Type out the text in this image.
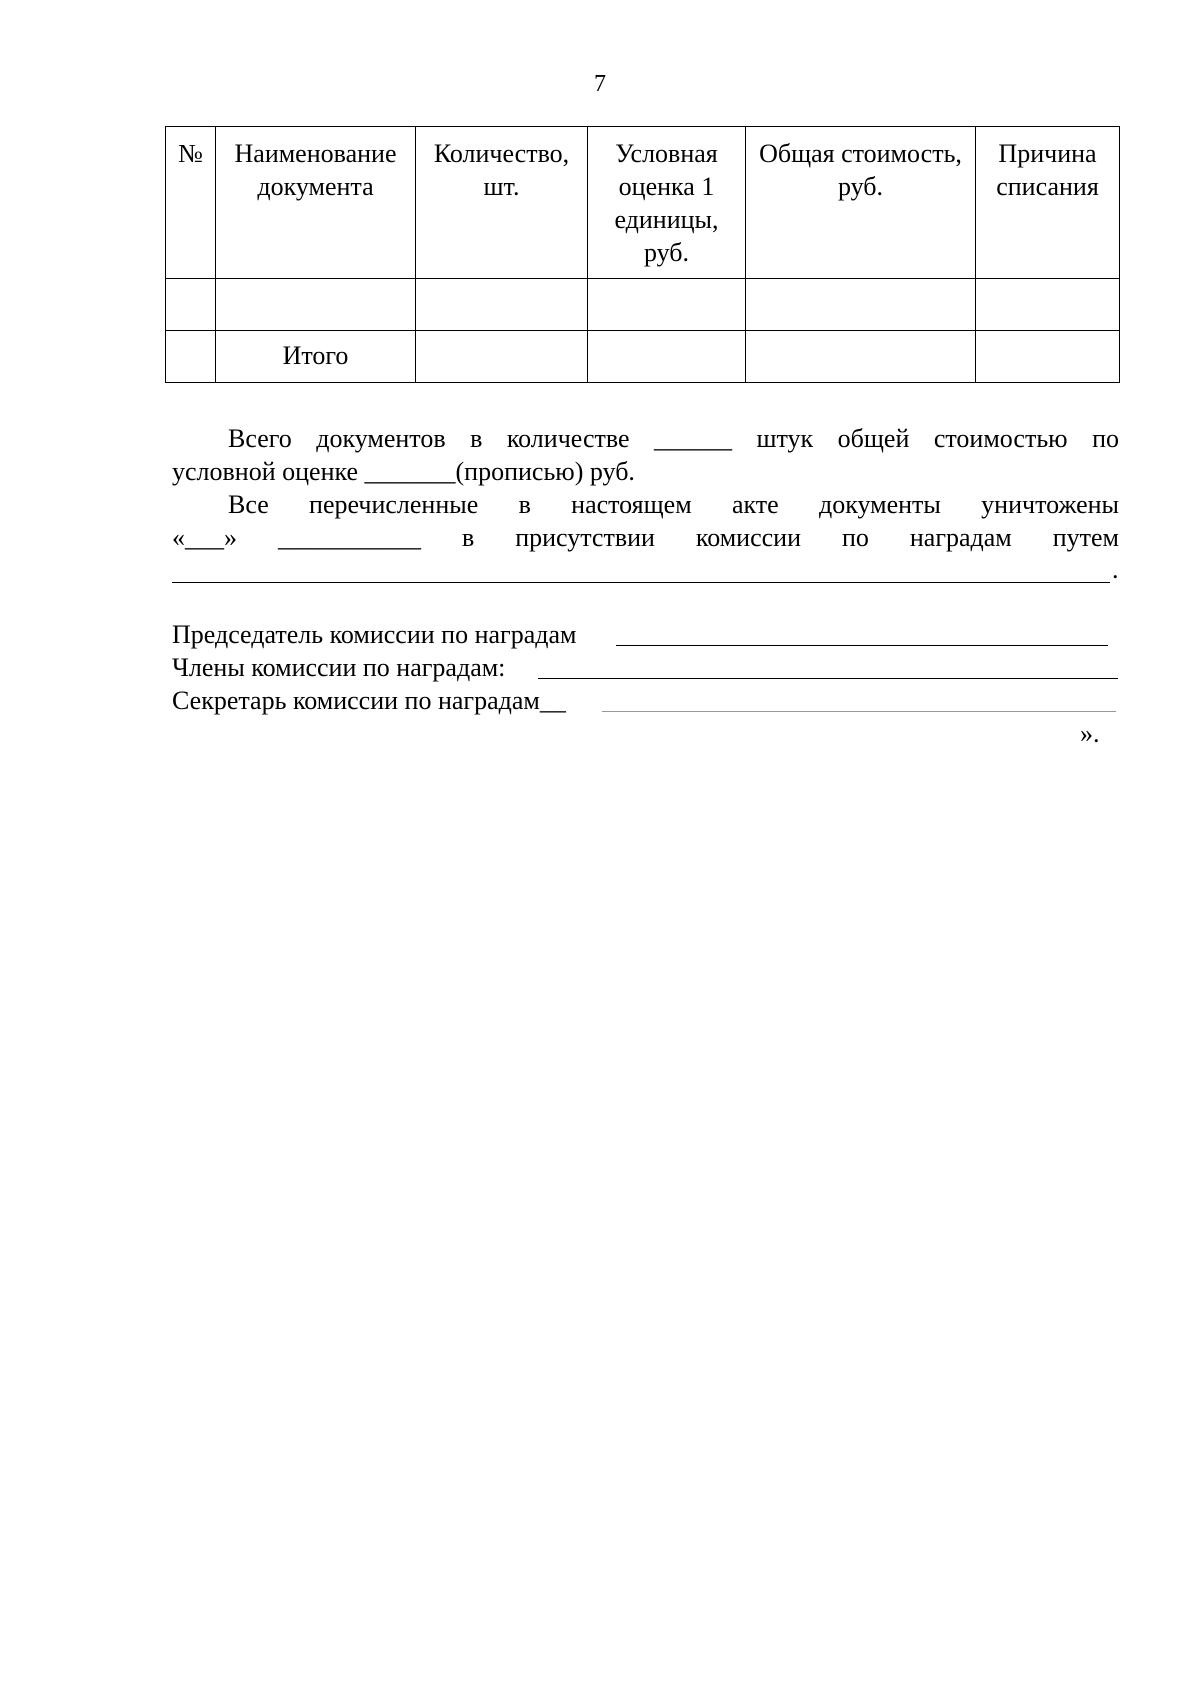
7
№	Наименование документа	Количество, шт.	Условная оценка 1 единицы, руб.	Общая стоимость, руб.	Причина списания

	Итого				
Всего документов в количестве ______ штук общей стоимостью по
условной оценке _______(прописью) руб.
Все перечисленные в настоящем акте документы уничтожены
«___» ___________ в присутствии комиссии по наградам путем
.
Председатель комиссии по наградам
Члены комиссии по наградам:
Секретарь комиссии по наградам__
».
